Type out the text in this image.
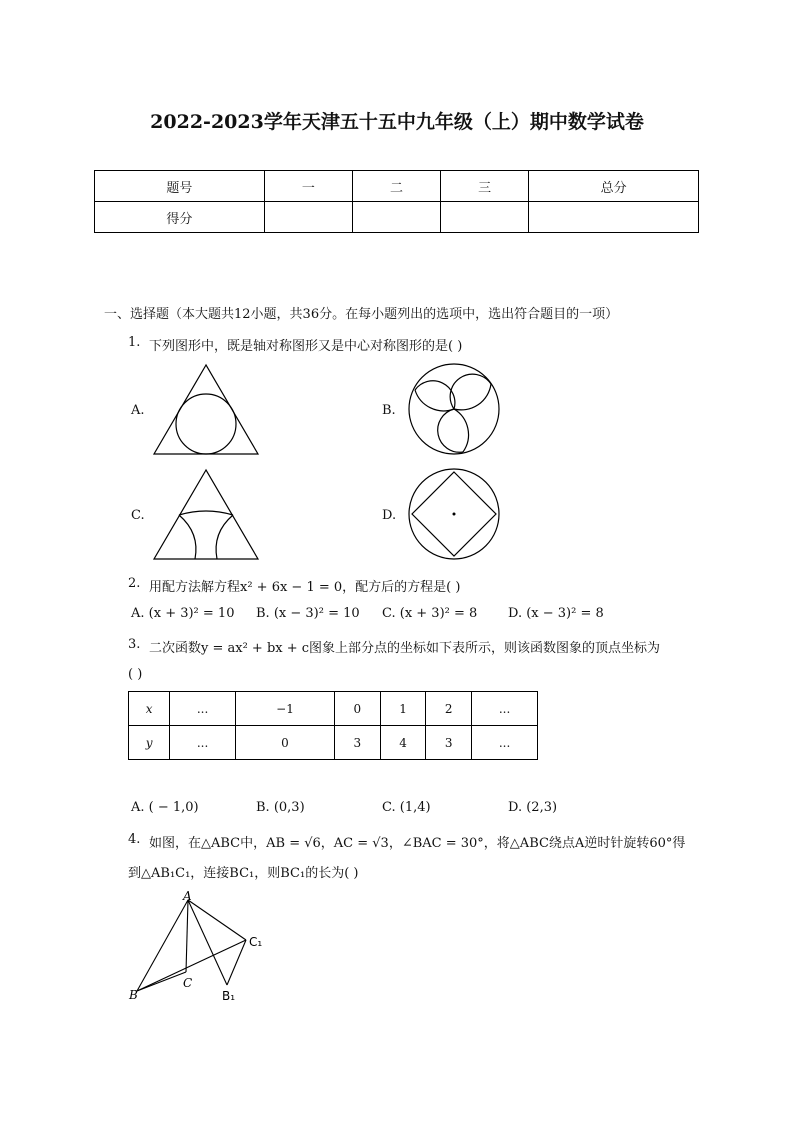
2022-2023学年天津五十五中九年级（上）期中数学试卷
题号	一	二	三	总分
得分				
一、选择题（本大题共12小题，共36分。在每小题列出的选项中，选出符合题目的一项）
1. 下列图形中，既是轴对称图形又是中心对称图形的是( )
A.	B.
C.	D.
2. 用配方法解方程x² + 6x − 1 = 0，配方后的方程是( )
A. (x + 3)² = 10 B. (x − 3)² = 10 C. (x + 3)² = 8 D. (x − 3)² = 8
3. 二次函数y = ax² + bx + c图象上部分点的坐标如下表所示，则该函数图象的顶点坐标为
( )
x	...	−1	0	1	2	...
y	...	0	3	4	3	...
A. ( − 1,0)	B. (0,3)	C. (1,4)	D. (2,3)
4. 如图，在△ABC中，AB = √6，AC = √3，∠BAC = 30°，将△ABC绕点A逆时针旋转60°得
到△AB₁C₁，连接BC₁，则BC₁的长为( )
A
B
C
B₁
C₁
